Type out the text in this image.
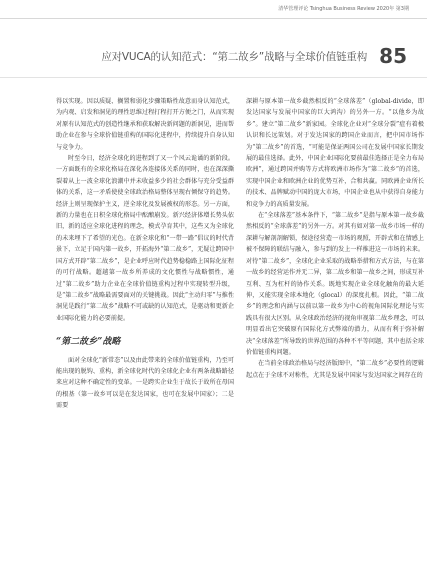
清华管理评论 Tsinghua Business Review 2020年 第3期
应对VUCA的认知范式：“第二故乡”战略与全球价值链重构 85

得以实现。因以质疑、搁置和弱化步骤策略性故意而身认知范式，为内观、启发和洞见的理性思维过程打程打开方便之门，从而实现对原有认知范式的创造性继承和获取解决新问题的新洞见，进而帮助企业在参与全球价值链重构的国际化进程中，持续提升自身认知与竞争力。

时至今日，经济全球化的进程到了又一个风云诡谲的新阶段。一方面既有的全球化格局在深化各连接体关系的同时，也在深深撕裂着从上一波全球化浪潮中并未收益多少的社会群体与充分受益群体的关系，这一矛盾使使全球政治格局整体呈现右倾保守的趋势。经济上则呈现保护主义，逆全球化及发展被权的形态。另一方面，新的力量也在日积全球化格局中酝酿崩发。新兴经济体增长势头依旧，新的适应全球化进程的理念，模式孕育其中，这些又为全球化的未来埋下了希望的光色。在新全球化和“一带一路”倡议的时代背景下，立足于国内第一故乡，开拓海外“第二故乡”，无疑让跨国中国方式开辟“第二故乡”，是企业呼应时代趋势稳稳路上国际化征程的可行战略。超越第一故乡所养成的文化惯性与战略惯性，通过“第二故乡”助力企业在全球价值链重构过程中实现转型升级，是“第二故乡”战略最需要面对的关键挑战。因此“主动归零”与推性洞见是践行“第二故乡”战略不可或缺的认知范式，是驱动和更新企业国际化能力的必要前提。

“第二故乡”战略

面对全球化“新常态”以及由此带来的全球价值链重构，乃至可能出现的脱钩、重构，新全球化时代的全球化企业有两条战略路径来应对这种不确定性的变革。一是跨实企业生于故长于故所在母国的根基（第一故乡可以是在发达国家，也可在发展中国家）；二是需要

深耕与原本第一故乡截然相反的“全球落差”（global-divide，即发达国家与发展中国家的巨大鸿沟）的另外一方。“以他乡为故乡”。建立“第二故乡”新家园。全球化企业对“全球分裂”症有着极认识和长远策划。对于发达国家的跨国企业而言，把中国市场作为“第二故乡”的首选，“可能是保证两国公司在发展中国家长期发展的最佳选择。此外，中国企业国际化要前最佳选择正是全力布局欧洲”，通过跨国并购等方式将欧洲市场作为“第二故乡”的首选，实现中国企业和欧洲企业的优势互补，合和共赢。同欧洲企业所长的技术、品牌赋动中国的庞大市场，中国企业也从中获得自身能力和竞争力的高质量发展。

在“全球落差”基本条件下，“第二故乡”是指与原本第一故乡截然相反的“全球落差”的另外一方。对其有如对第一故乡市场一样的深耕与解剖剖解锁，保途径营造一市场的观照，开辟式和在情感上被不保障的联结与融入，参与到的发上一样推进这一市场的未来。对待“第二故乡”，全球化企业采取的战略举措和方式方法，与在第一故乡的经营运作并无二异，第二故乡和第一故乡之间，形成互补互利、互为杠杆的协作关系。既地实现企业全球化触角的最大延伸，又能实现全球本地化（glocal）的深度扎根。因此，“第二故乡”的理念和内涵与以前以第一故乡为中心的视角国际化理论与实践具有很大区别。从全球政治经济的视角审视第二故乡理念，可以明显看出它突破原有国际化方式弊端的潜力，从而有利于弥补解决“全球落差”所导致的世界范围的各种不平等问题，其中也括全球价值链重构问题。

在当前全球政治格局与经济版图中，“第二故乡”必要性的逻辑起点在于全球不对称性，尤其是发展中国家与发达国家之间存在的
